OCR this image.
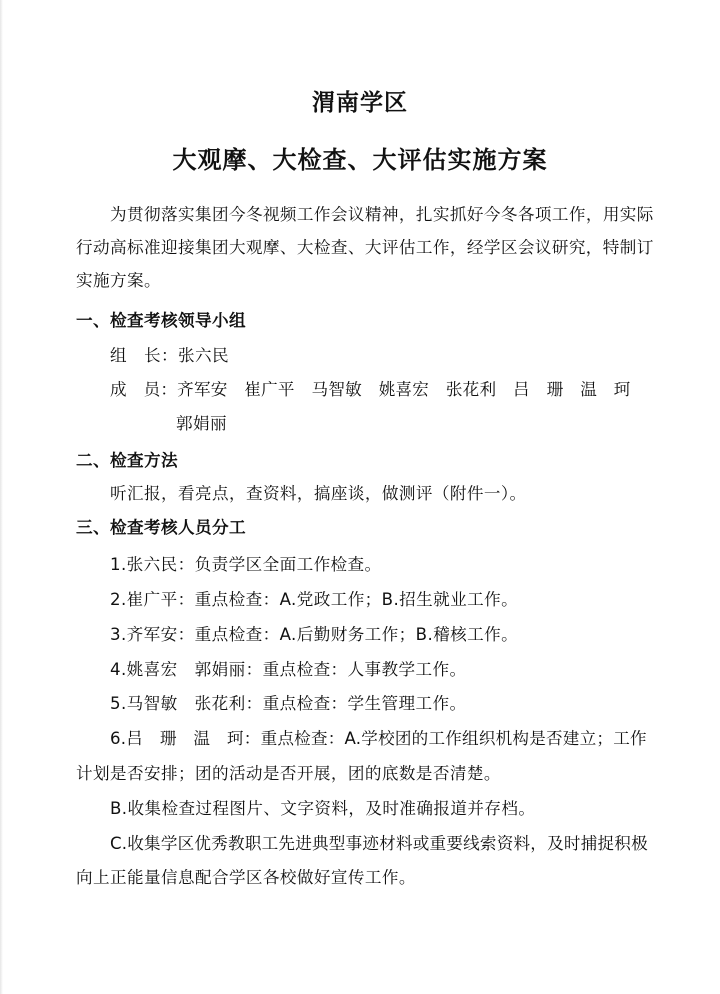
渭南学区
大观摩、大检查、大评估实施方案
为贯彻落实集团今冬视频工作会议精神，扎实抓好今冬各项工作，用实际
行动高标准迎接集团大观摩、大检查、大评估工作，经学区会议研究，特制订
实施方案。
一、检查考核领导小组
组　长：张六民
成　员：齐军安　崔广平　马智敏　姚喜宏　张花利　吕　珊　温　珂
郭娟丽
二、检查方法
听汇报，看亮点，查资料，搞座谈，做测评（附件一）。
三、检查考核人员分工
1.张六民：负责学区全面工作检查。
2.崔广平：重点检查：A.党政工作；B.招生就业工作。
3.齐军安：重点检查：A.后勤财务工作；B.稽核工作。
4.姚喜宏　郭娟丽：重点检查：人事教学工作。
5.马智敏　张花利：重点检查：学生管理工作。
6.吕　珊　温　珂：重点检查：A.学校团的工作组织机构是否建立；工作
计划是否安排；团的活动是否开展，团的底数是否清楚。
B.收集检查过程图片、文字资料，及时准确报道并存档。
C.收集学区优秀教职工先进典型事迹材料或重要线索资料，及时捕捉积极
向上正能量信息配合学区各校做好宣传工作。
